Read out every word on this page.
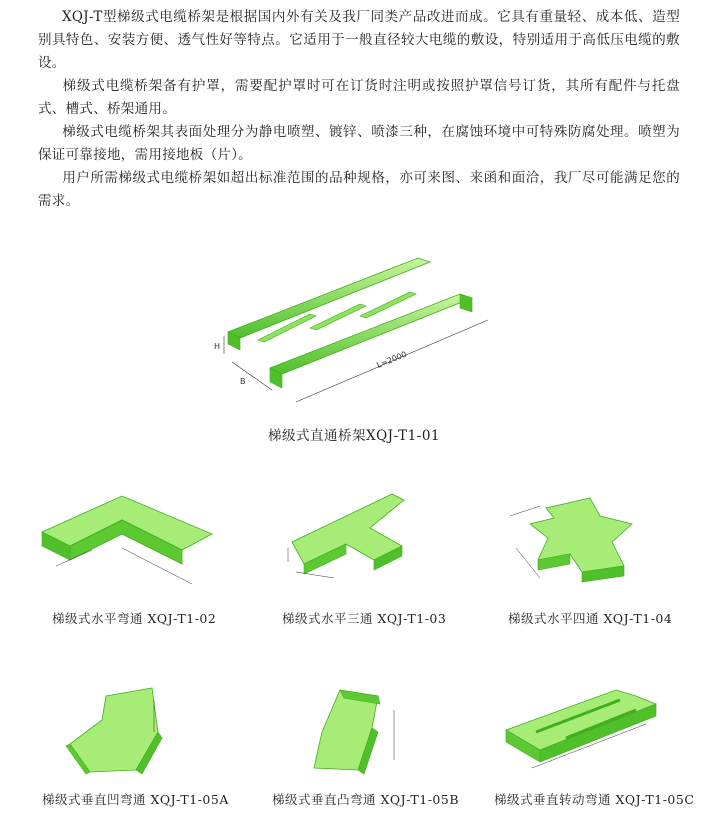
XQJ-T型梯级式电缆桥架是根据国内外有关及我厂同类产品改进而成。它具有重量轻、成本低、造型别具特色、安装方便、透气性好等特点。它适用于一般直径较大电缆的敷设，特别适用于高低压电缆的敷设。

梯级式电缆桥架备有护罩，需要配护罩时可在订货时注明或按照护罩信号订货，其所有配件与托盘式、槽式、桥架通用。

梯级式电缆桥架其表面处理分为静电喷塑、镀锌、喷漆三种，在腐蚀环境中可特殊防腐处理。喷塑为保证可靠接地，需用接地板（片）。

用户所需梯级式电缆桥架如超出标准范围的品种规格，亦可来图、来函和面洽，我厂尽可能满足您的需求。

H
B
L=2000
梯级式直通桥架XQJ-T1-01
梯级式水平弯通 XQJ-T1-02	梯级式水平三通 XQJ-T1-03	梯级式水平四通 XQJ-T1-04
梯级式垂直凹弯通 XQJ-T1-05A	梯级式垂直凸弯通 XQJ-T1-05B	梯级式垂直转动弯通 XQJ-T1-05C
